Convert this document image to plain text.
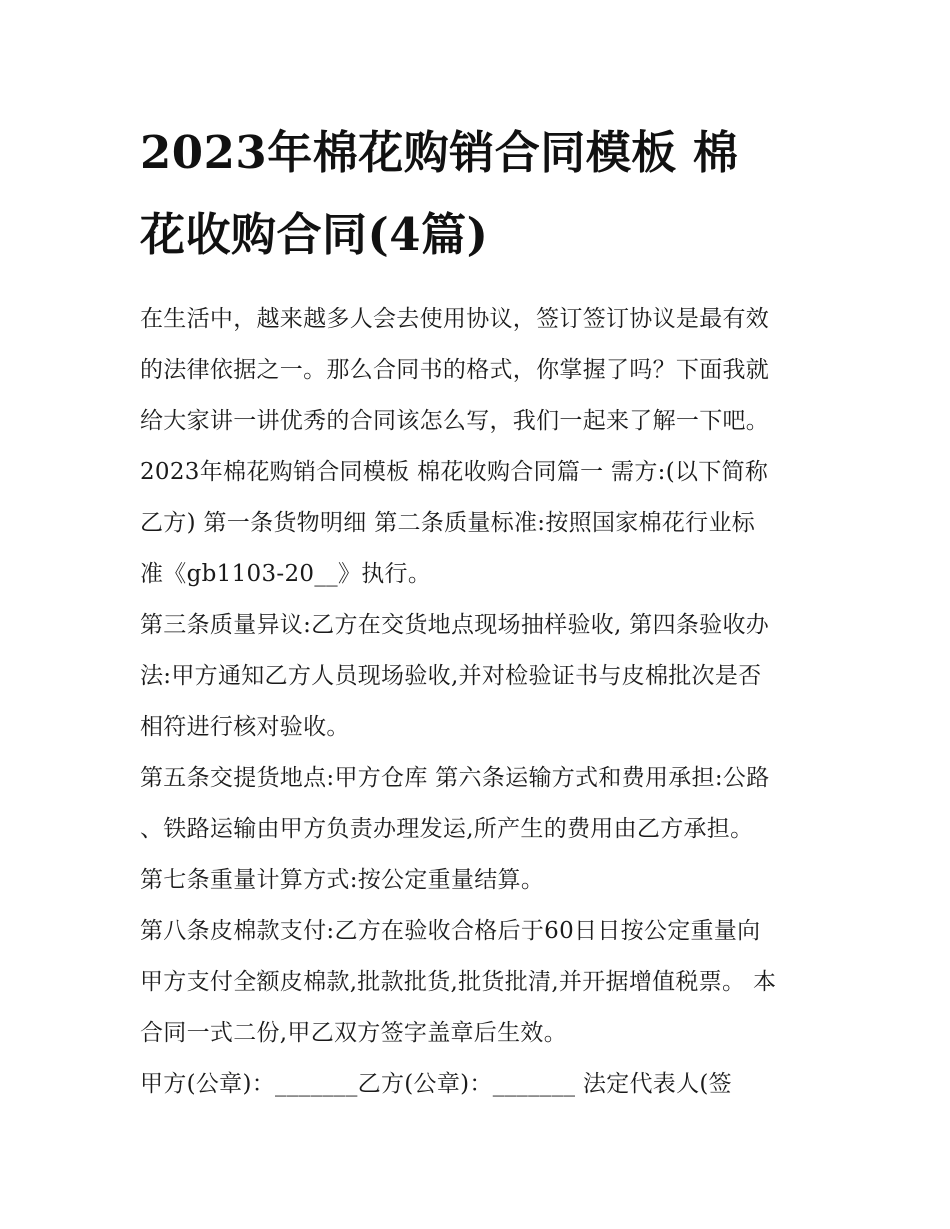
2023年棉花购销合同模板 棉
花收购合同(4篇)

在生活中，越来越多人会去使用协议，签订签订协议是最有效
的法律依据之一。那么合同书的格式，你掌握了吗？下面我就
给大家讲一讲优秀的合同该怎么写，我们一起来了解一下吧。
2023年棉花购销合同模板 棉花收购合同篇一 需方:(以下简称
乙方) 第一条货物明细 第二条质量标准:按照国家棉花行业标
准《gb1103-20__》执行。

第三条质量异议:乙方在交货地点现场抽样验收, 第四条验收办
法:甲方通知乙方人员现场验收,并对检验证书与皮棉批次是否
相符进行核对验收。

第五条交提货地点:甲方仓库 第六条运输方式和费用承担:公路
、铁路运输由甲方负责办理发运,所产生的费用由乙方承担。

第七条重量计算方式:按公定重量结算。

第八条皮棉款支付:乙方在验收合格后于60日日按公定重量向
甲方支付全额皮棉款,批款批货,批货批清,并开据增值税票。 本
合同一式二份,甲乙双方签字盖章后生效。

甲方(公章)：_______乙方(公章)：_______ 法定代表人(签
